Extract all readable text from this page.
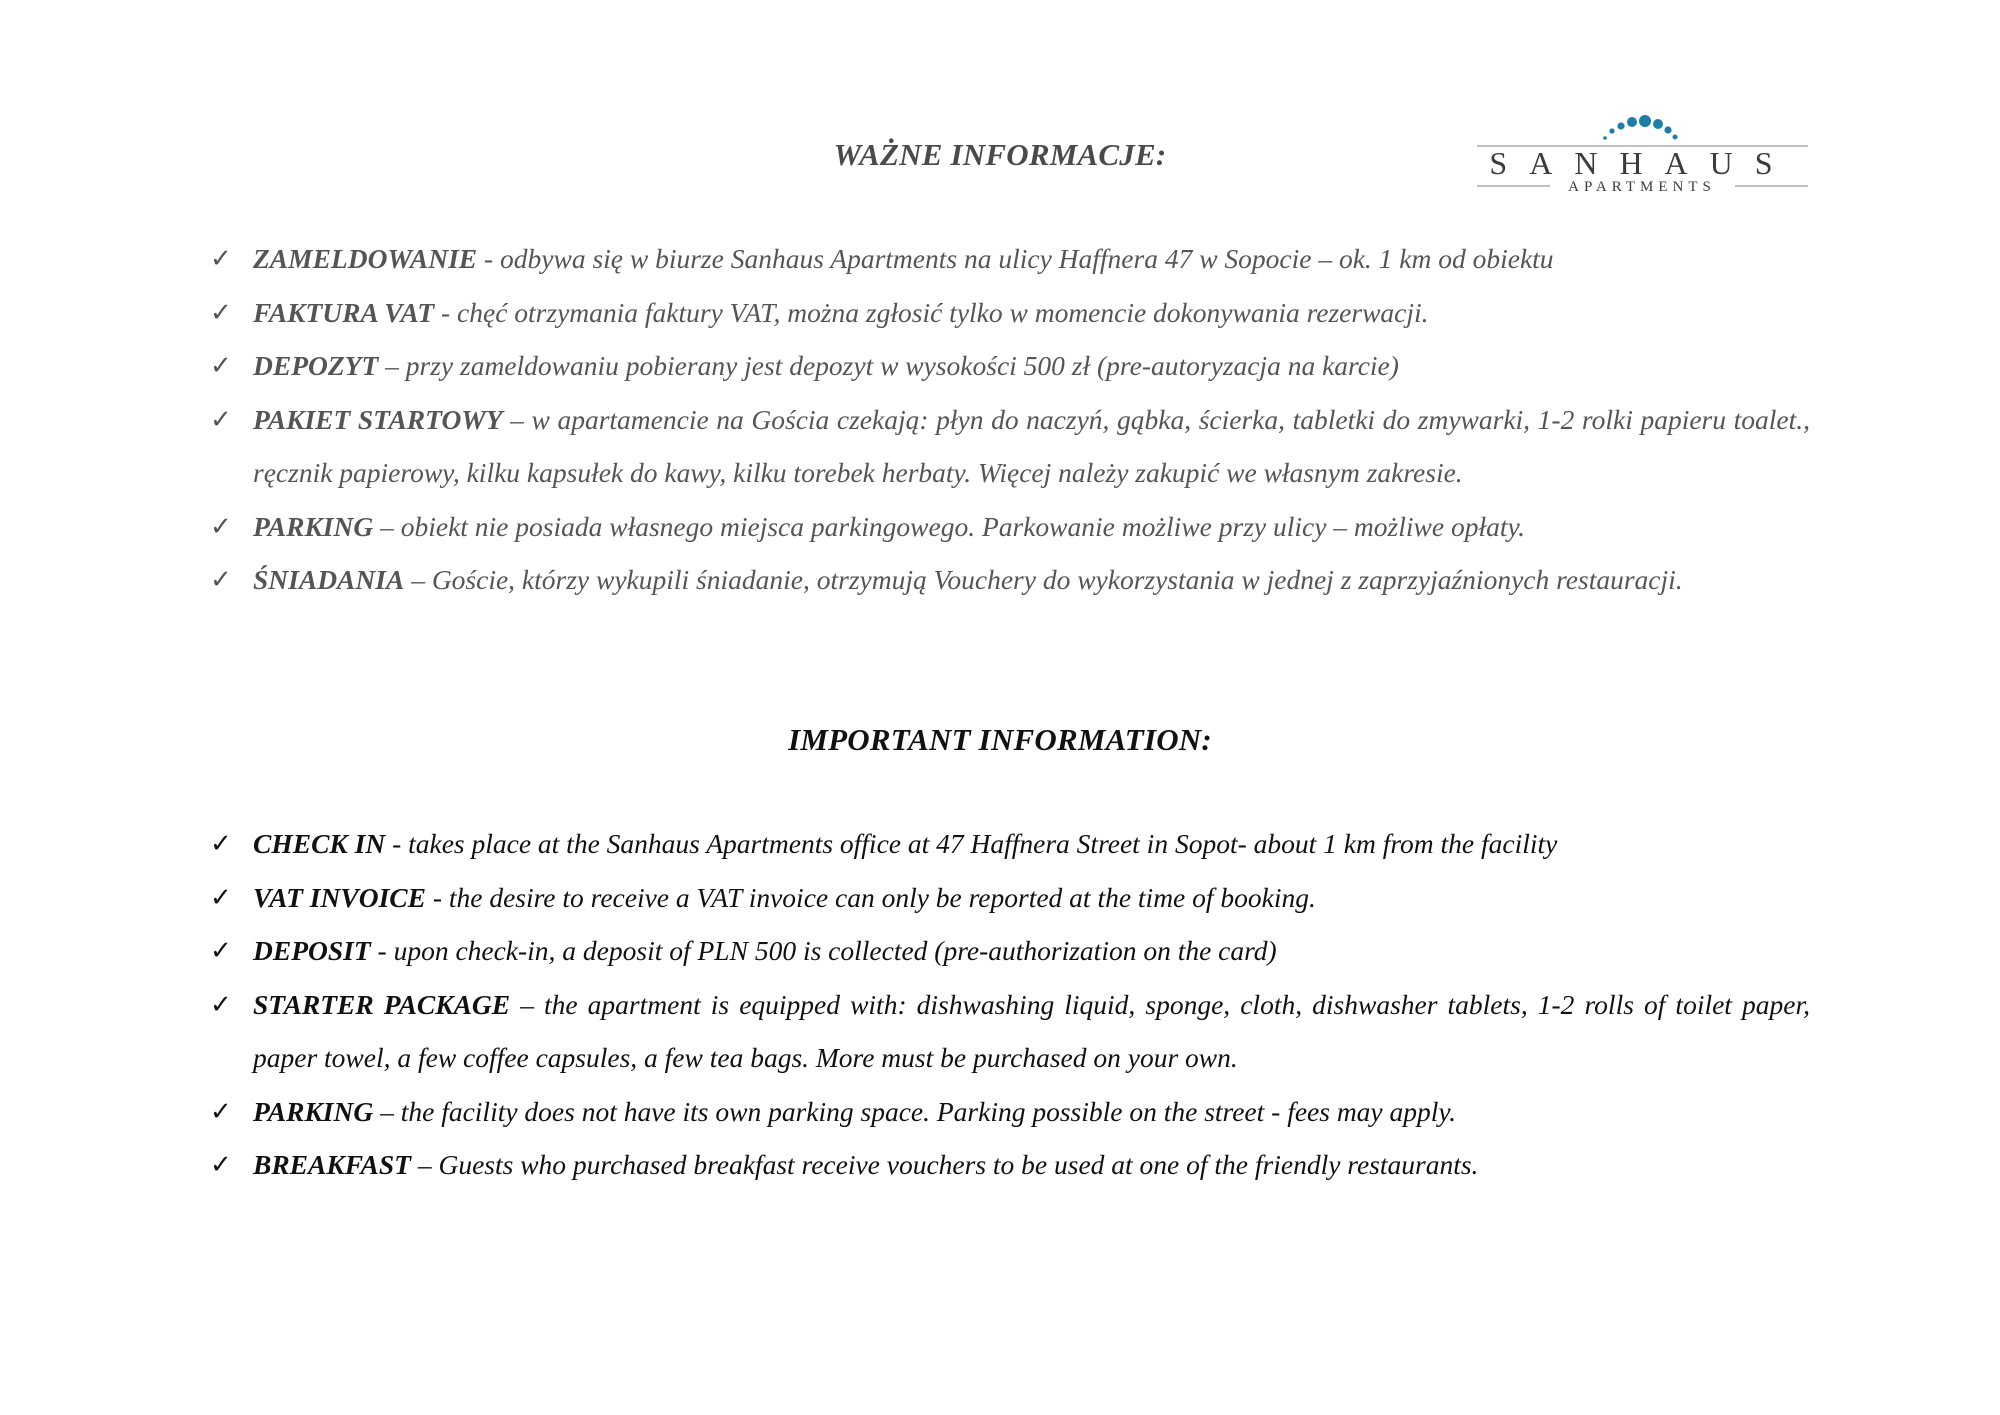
WAŻNE INFORMACJE:	SANHAUS
APARTMENTS
✓ ZAMELDOWANIE - odbywa się w biurze Sanhaus Apartments na ulicy Haffnera 47 w Sopocie – ok. 1 km od obiektu
✓ FAKTURA VAT - chęć otrzymania faktury VAT, można zgłosić tylko w momencie dokonywania rezerwacji.
✓ DEPOZYT – przy zameldowaniu pobierany jest depozyt w wysokości 500 zł (pre-autoryzacja na karcie)
✓ PAKIET STARTOWY – w apartamencie na Gościa czekają: płyn do naczyń, gąbka, ścierka, tabletki do zmywarki, 1-2 rolki papieru toalet., ręcznik papierowy, kilku kapsułek do kawy, kilku torebek herbaty. Więcej należy zakupić we własnym zakresie.
✓ PARKING – obiekt nie posiada własnego miejsca parkingowego. Parkowanie możliwe przy ulicy – możliwe opłaty.
✓ ŚNIADANIA – Goście, którzy wykupili śniadanie, otrzymują Vouchery do wykorzystania w jednej z zaprzyjaźnionych restauracji.
IMPORTANT INFORMATION:
✓ CHECK IN - takes place at the Sanhaus Apartments office at 47 Haffnera Street in Sopot- about 1 km from the facility
✓ VAT INVOICE - the desire to receive a VAT invoice can only be reported at the time of booking.
✓ DEPOSIT - upon check-in, a deposit of PLN 500 is collected (pre-authorization on the card)
✓ STARTER PACKAGE – the apartment is equipped with: dishwashing liquid, sponge, cloth, dishwasher tablets, 1-2 rolls of toilet paper, paper towel, a few coffee capsules, a few tea bags. More must be purchased on your own.
✓ PARKING – the facility does not have its own parking space. Parking possible on the street - fees may apply.
✓ BREAKFAST – Guests who purchased breakfast receive vouchers to be used at one of the friendly restaurants.
